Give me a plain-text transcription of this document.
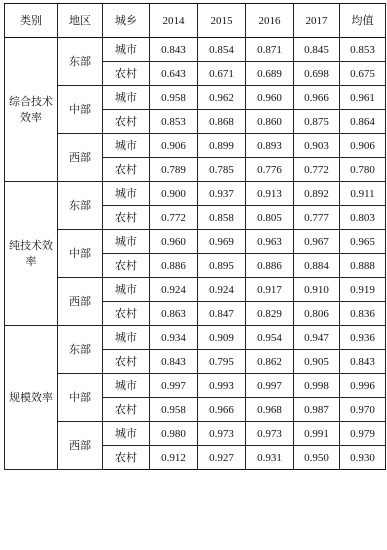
类别	地区	城乡	2014	2015	2016	2017	均值
综合技术效率	东部	城市	0.843	0.854	0.871	0.845	0.853
		农村	0.643	0.671	0.689	0.698	0.675
	中部	城市	0.958	0.962	0.960	0.966	0.961
		农村	0.853	0.868	0.860	0.875	0.864
	西部	城市	0.906	0.899	0.893	0.903	0.906
		农村	0.789	0.785	0.776	0.772	0.780
纯技术效率	东部	城市	0.900	0.937	0.913	0.892	0.911
		农村	0.772	0.858	0.805	0.777	0.803
	中部	城市	0.960	0.969	0.963	0.967	0.965
		农村	0.886	0.895	0.886	0.884	0.888
	西部	城市	0.924	0.924	0.917	0.910	0.919
		农村	0.863	0.847	0.829	0.806	0.836
规模效率	东部	城市	0.934	0.909	0.954	0.947	0.936
		农村	0.843	0.795	0.862	0.905	0.843
	中部	城市	0.997	0.993	0.997	0.998	0.996
		农村	0.958	0.966	0.968	0.987	0.970
	西部	城市	0.980	0.973	0.973	0.991	0.979
		农村	0.912	0.927	0.931	0.950	0.930
